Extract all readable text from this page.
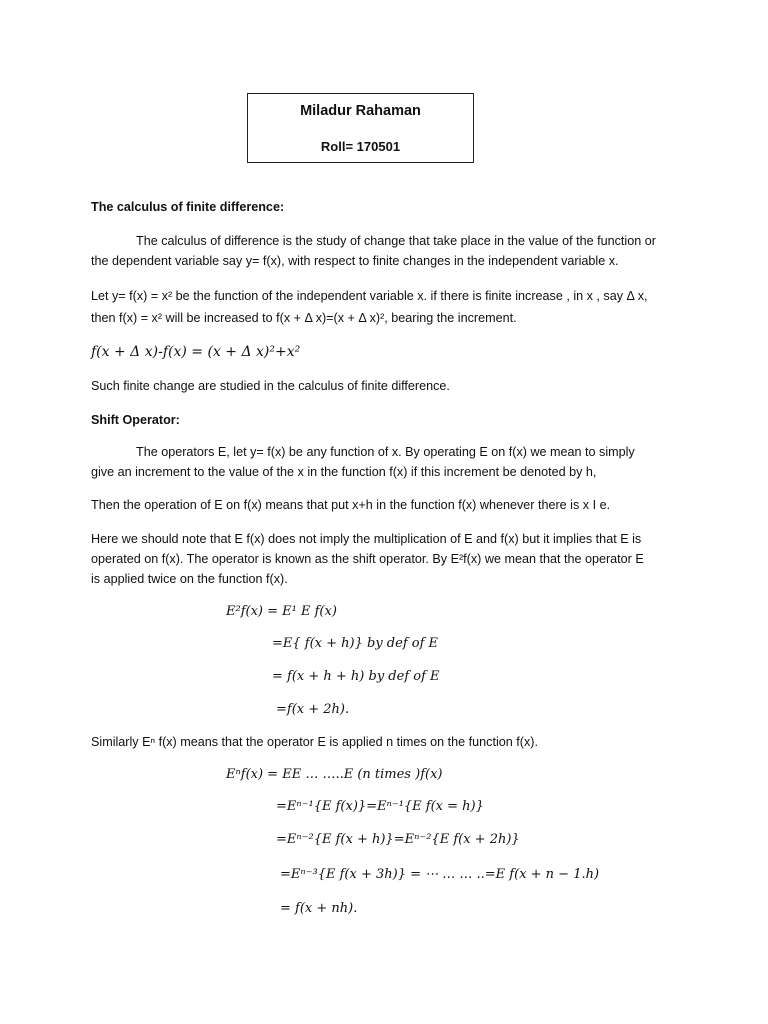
Miladur Rahaman
Roll= 170501
The calculus of finite difference:
The calculus of difference is the study of change that take place in the value of the function or
the dependent variable say y= f(x), with respect to finite changes in the independent variable x.
Let y= f(x) = x² be the function of the independent variable x. if there is finite increase , in x , say Δ x,
then f(x) = x² will be increased to f(x + Δ x)=(x + Δ x)², bearing the increment.
f(x + Δ x)-f(x) = (x + Δ x)²+x²
Such finite change are studied in the calculus of finite difference.
Shift Operator:
The operators E, let y= f(x) be any function of x. By operating E on f(x) we mean to simply
give an increment to the value of the x in the function f(x) if this increment be denoted by h,
Then the operation of E on f(x) means that put x+h in the function f(x) whenever there is x I e.
Here we should note that E f(x) does not imply the multiplication of E and f(x) but it implies that E is
operated on f(x). The operator is known as the shift operator. By E²f(x) we mean that the operator E
is applied twice on the function f(x).
E²f(x) = E¹ E f(x)
=E{ f(x + h)} by def of E
= f(x + h + h) by def of E
=f(x + 2h).
Similarly Eⁿ f(x) means that the operator E is applied n times on the function f(x).
Eⁿf(x) = EE … …..E (n times )f(x)
=Eⁿ⁻¹{E f(x)}=Eⁿ⁻¹{E f(x = h)}
=Eⁿ⁻²{E f(x + h)}=Eⁿ⁻²{E f(x + 2h)}
=Eⁿ⁻³{E f(x + 3h)} = ⋯ … … ..=E f(x + n − 1.h)
= f(x + nh).
